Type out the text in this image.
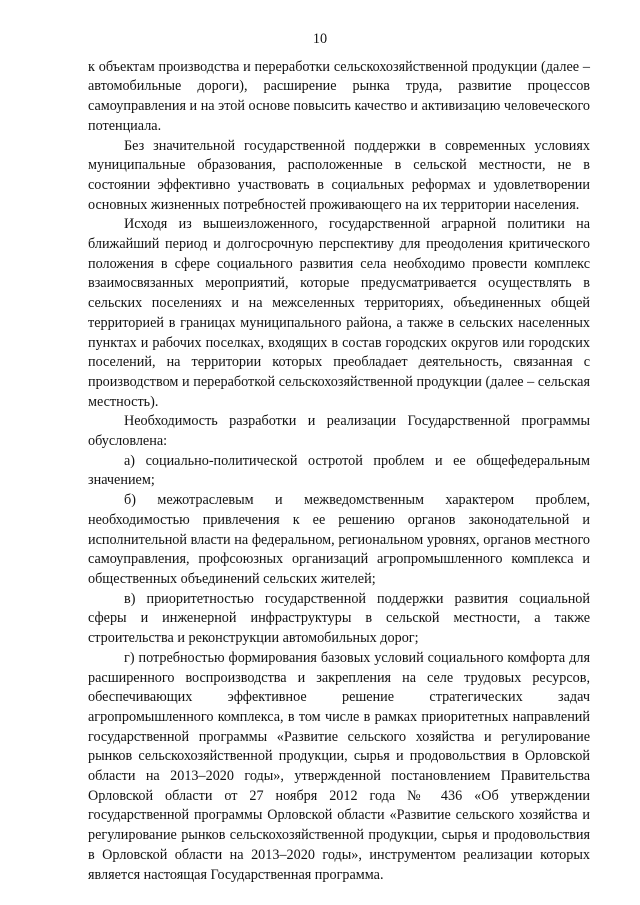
10

к объектам производства и переработки сельскохозяйственной продукции (далее – автомобильные дороги), расширение рынка труда, развитие процессов самоуправления и на этой основе повысить качество и активизацию человеческого потенциала.

Без значительной государственной поддержки в современных условиях муниципальные образования, расположенные в сельской местности, не в состоянии эффективно участвовать в социальных реформах и удовлетворении основных жизненных потребностей проживающего на их территории населения.

Исходя из вышеизложенного, государственной аграрной политики на ближайший период и долгосрочную перспективу для преодоления критического положения в сфере социального развития села необходимо провести комплекс взаимосвязанных мероприятий, которые предусматривается осуществлять в сельских поселениях и на межселенных территориях, объединенных общей территорией в границах муниципального района, а также в сельских населенных пунктах и рабочих поселках, входящих в состав городских округов или городских поселений, на территории которых преобладает деятельность, связанная с производством и переработкой сельскохозяйственной продукции (далее – сельская местность).

Необходимость разработки и реализации Государственной программы обусловлена:

а) социально-политической остротой проблем и ее общефедеральным значением;

б) межотраслевым и межведомственным характером проблем, необходимостью привлечения к ее решению органов законодательной и исполнительной власти на федеральном, региональном уровнях, органов местного самоуправления, профсоюзных организаций агропромышленного комплекса и общественных объединений сельских жителей;

в) приоритетностью государственной поддержки развития социальной сферы и инженерной инфраструктуры в сельской местности, а также строительства и реконструкции автомобильных дорог;

г) потребностью формирования базовых условий социального комфорта для расширенного воспроизводства и закрепления на селе трудовых ресурсов, обеспечивающих эффективное решение стратегических задач агропромышленного комплекса, в том числе в рамках приоритетных направлений государственной программы «Развитие сельского хозяйства и регулирование рынков сельскохозяйственной продукции, сырья и продовольствия в Орловской области на 2013–2020 годы», утвержденной постановлением Правительства Орловской области от 27 ноября 2012 года № 436 «Об утверждении государственной программы Орловской области «Развитие сельского хозяйства и регулирование рынков сельскохозяйственной продукции, сырья и продовольствия в Орловской области на 2013–2020 годы», инструментом реализации которых является настоящая Государственная программа.
